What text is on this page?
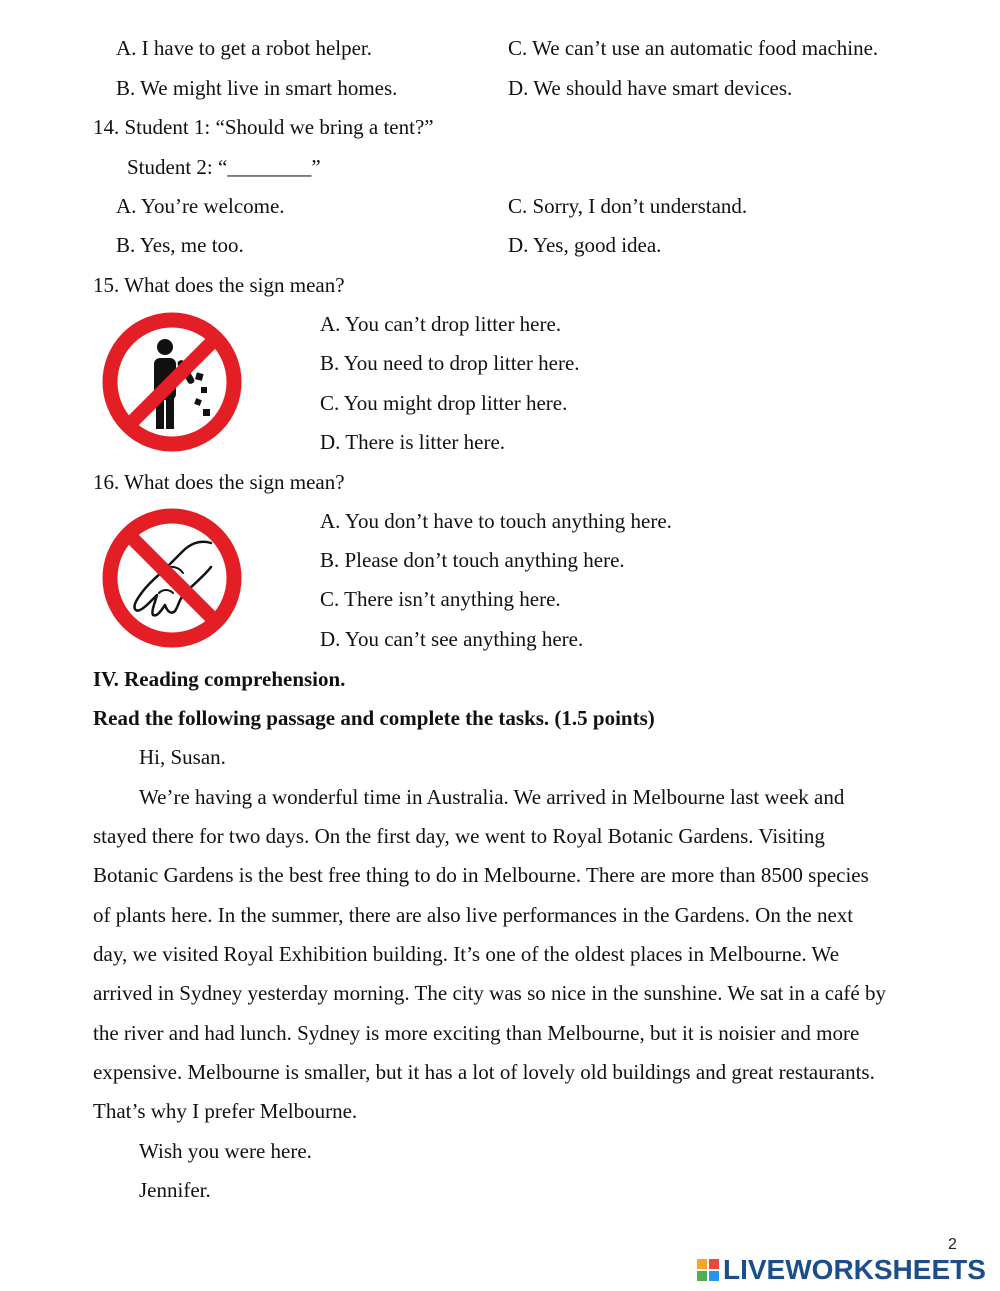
A. I have to get a robot helper.	C. We can’t use an automatic food machine.
B. We might live in smart homes.	D. We should have smart devices.
14. Student 1: “Should we bring a tent?”
Student 2: “________”
A. You’re welcome.	C. Sorry, I don’t understand.
B. Yes, me too.	D. Yes, good idea.
15. What does the sign mean?
A. You can’t drop litter here.
B. You need to drop litter here.
C. You might drop litter here.
D. There is litter here.
16. What does the sign mean?
A. You don’t have to touch anything here.
B. Please don’t touch anything here.
C. There isn’t anything here.
D. You can’t see anything here.
IV. Reading comprehension.
Read the following passage and complete the tasks. (1.5 points)
Hi, Susan.
We’re having a wonderful time in Australia. We arrived in Melbourne last week and
stayed there for two days. On the first day, we went to Royal Botanic Gardens. Visiting
Botanic Gardens is the best free thing to do in Melbourne. There are more than 8500 species
of plants here. In the summer, there are also live performances in the Gardens. On the next
day, we visited Royal Exhibition building. It’s one of the oldest places in Melbourne. We
arrived in Sydney yesterday morning. The city was so nice in the sunshine. We sat in a café by
the river and had lunch. Sydney is more exciting than Melbourne, but it is noisier and more
expensive. Melbourne is smaller, but it has a lot of lovely old buildings and great restaurants.
That’s why I prefer Melbourne.
Wish you were here.
Jennifer.
2
LIVEWORKSHEETS
